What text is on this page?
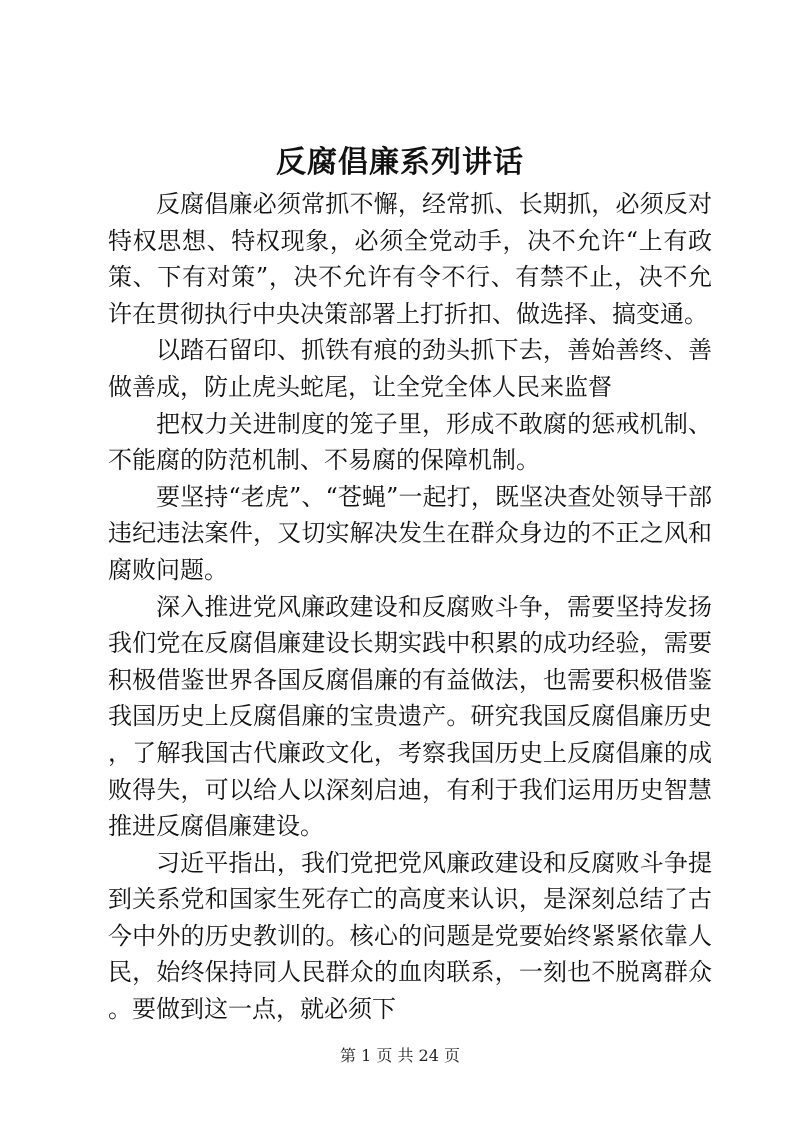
反腐倡廉系列讲话

反腐倡廉必须常抓不懈，经常抓、长期抓，必须反对特权思想、特权现象，必须全党动手，决不允许“上有政策、下有对策”，决不允许有令不行、有禁不止，决不允许在贯彻执行中央决策部署上打折扣、做选择、搞变通。

以踏石留印、抓铁有痕的劲头抓下去，善始善终、善做善成，防止虎头蛇尾，让全党全体人民来监督

把权力关进制度的笼子里，形成不敢腐的惩戒机制、不能腐的防范机制、不易腐的保障机制。

要坚持“老虎”、“苍蝇”一起打，既坚决查处领导干部违纪违法案件，又切实解决发生在群众身边的不正之风和腐败问题。

深入推进党风廉政建设和反腐败斗争，需要坚持发扬我们党在反腐倡廉建设长期实践中积累的成功经验，需要积极借鉴世界各国反腐倡廉的有益做法，也需要积极借鉴我国历史上反腐倡廉的宝贵遗产。研究我国反腐倡廉历史，了解我国古代廉政文化，考察我国历史上反腐倡廉的成败得失，可以给人以深刻启迪，有利于我们运用历史智慧推进反腐倡廉建设。

习近平指出，我们党把党风廉政建设和反腐败斗争提到关系党和国家生死存亡的高度来认识，是深刻总结了古今中外的历史教训的。核心的问题是党要始终紧紧依靠人民，始终保持同人民群众的血肉联系，一刻也不脱离群众。要做到这一点，就必须下

第 1 页 共 24 页
